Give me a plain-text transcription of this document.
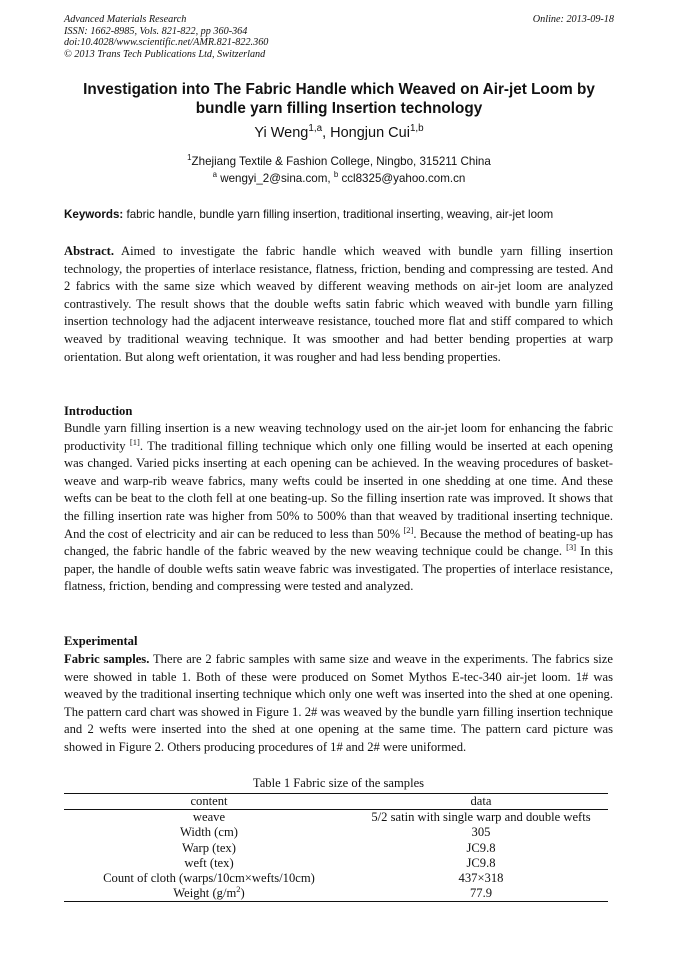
Advanced Materials Research
ISSN: 1662-8985, Vols. 821-822, pp 360-364
doi:10.4028/www.scientific.net/AMR.821-822.360
© 2013 Trans Tech Publications Ltd, Switzerland
Online: 2013-09-18
Investigation into The Fabric Handle which Weaved on Air-jet Loom by bundle yarn filling Insertion technology
Yi Weng$^{1,a}$, Hongjun Cui$^{1,b}$
$^1$Zhejiang Textile & Fashion College, Ningbo, 315211 China
$^a$ wengyi_2@sina.com, $^b$ ccl8325@yahoo.com.cn
Keywords: fabric handle, bundle yarn filling insertion, traditional inserting, weaving, air-jet loom

Abstract. Aimed to investigate the fabric handle which weaved with bundle yarn filling insertion technology, the properties of interlace resistance, flatness, friction, bending and compressing are tested. And 2 fabrics with the same size which weaved by different weaving methods on air-jet loom are analyzed contrastively. The result shows that the double wefts satin fabric which weaved with bundle yarn filling insertion technology had the adjacent interweave resistance, touched more flat and stiff compared to which weaved by traditional weaving technique. It was smoother and had better bending properties at warp orientation. But along weft orientation, it was rougher and had less bending properties.

Introduction

Bundle yarn filling insertion is a new weaving technology used on the air-jet loom for enhancing the fabric productivity [1]. The traditional filling technique which only one filling would be inserted at each opening was changed. Varied picks inserting at each opening can be achieved. In the weaving procedures of basket-weave and warp-rib weave fabrics, many wefts could be inserted in one shedding at one time. And these wefts can be beat to the cloth fell at one beating-up. So the filling insertion rate was improved. It shows that the filling insertion rate was higher from 50% to 500% than that weaved by traditional inserting technique. And the cost of electricity and air can be reduced to less than 50% [2]. Because the method of beating-up has changed, the fabric handle of the fabric weaved by the new weaving technique could be change. [3] In this paper, the handle of double wefts satin weave fabric was investigated. The properties of interlace resistance, flatness, friction, bending and compressing were tested and analyzed.

Experimental

Fabric samples. There are 2 fabric samples with same size and weave in the experiments. The fabrics size were showed in table 1. Both of these were produced on Somet Mythos E-tec-340 air-jet loom. 1# was weaved by the traditional inserting technique which only one weft was inserted into the shed at one opening. The pattern card chart was showed in Figure 1. 2# was weaved by the bundle yarn filling insertion technique and 2 wefts were inserted into the shed at one opening at the same time. The pattern card picture was showed in Figure 2. Others producing procedures of 1# and 2# were uniformed.

Table 1 Fabric size of the samples
content	data
weave	5/2 satin with single warp and double wefts
Width (cm)	305
Warp (tex)	JC9.8
weft (tex)	JC9.8
Count of cloth (warps/10cm×wefts/10cm)	437×318
Weight $(g/m^2)$	77.9
